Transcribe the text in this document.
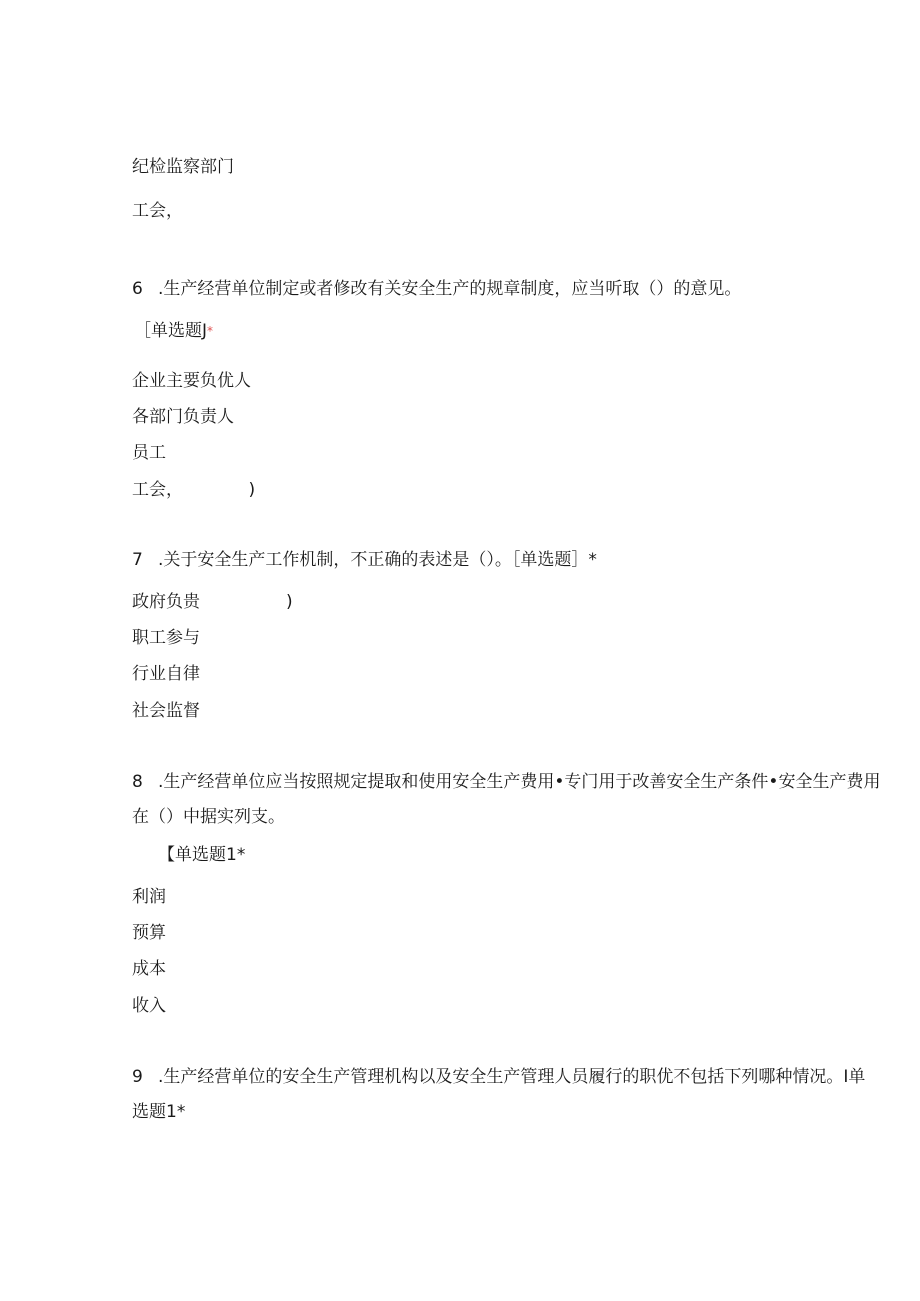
纪检监察部门
工会，
6 .生产经营单位制定或者修改有关安全生产的规章制度，应当听取（）的意见。
［单选题J*
企业主要负优人
各部门负责人
员工
工会，	)
7 .关于安全生产工作机制，不正确的表述是（）。［单选题］*
政府负贵	)
职工参与
行业自律
社会监督
8 .生产经营单位应当按照规定提取和使用安全生产费用•专门用于改善安全生产条件•安全生产费用
在（）中据实列支。
【单选题1*
利润
预算
成本
收入
9 .生产经营单位的安全生产管理机构以及安全生产管理人员履行的职优不包括下列哪种情况。I单
选题1*
